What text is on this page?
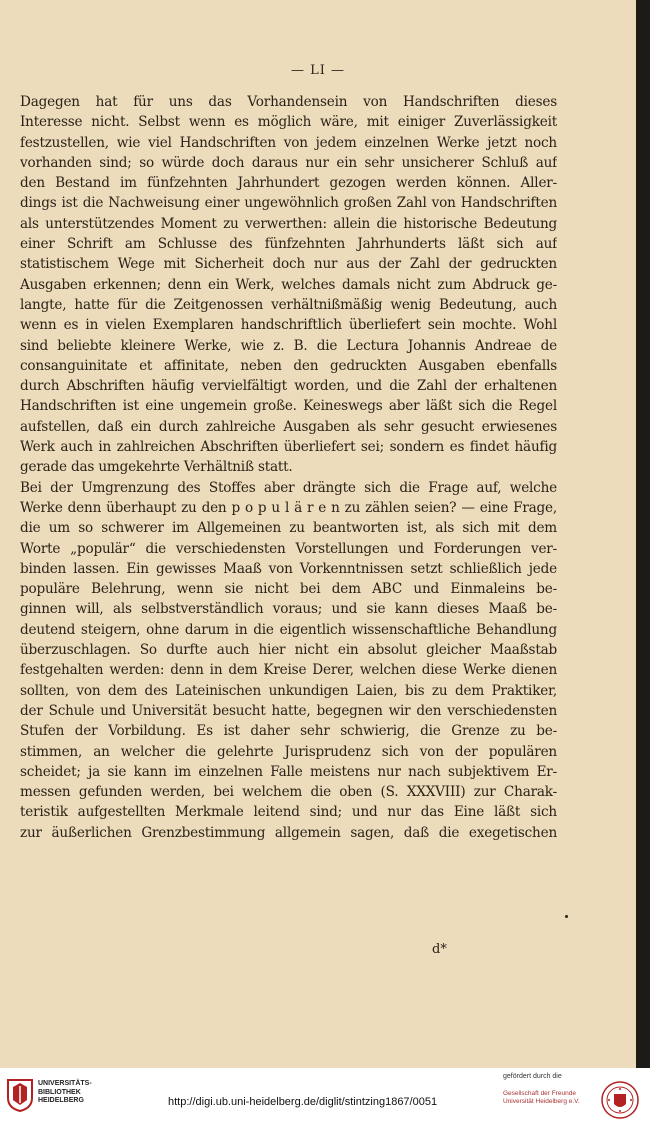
— LI —
Dagegen hat für uns das Vorhandensein von Handschriften dieses
Interesse nicht. Selbst wenn es möglich wäre, mit einiger Zuverlässigkeit
festzustellen, wie viel Handschriften von jedem einzelnen Werke jetzt noch
vorhanden sind; so würde doch daraus nur ein sehr unsicherer Schluß auf
den Bestand im fünfzehnten Jahrhundert gezogen werden können. Aller-
dings ist die Nachweisung einer ungewöhnlich großen Zahl von Handschriften
als unterstützendes Moment zu verwerthen: allein die historische Bedeutung
einer Schrift am Schlusse des fünfzehnten Jahrhunderts läßt sich auf
statistischem Wege mit Sicherheit doch nur aus der Zahl der gedruckten
Ausgaben erkennen; denn ein Werk, welches damals nicht zum Abdruck ge-
langte, hatte für die Zeitgenossen verhältnißmäßig wenig Bedeutung, auch
wenn es in vielen Exemplaren handschriftlich überliefert sein mochte. Wohl
sind beliebte kleinere Werke, wie z. B. die Lectura Johannis Andreae de
consanguinitate et affinitate, neben den gedruckten Ausgaben ebenfalls
durch Abschriften häufig vervielfältigt worden, und die Zahl der erhaltenen
Handschriften ist eine ungemein große. Keineswegs aber läßt sich die Regel
aufstellen, daß ein durch zahlreiche Ausgaben als sehr gesucht erwiesenes
Werk auch in zahlreichen Abschriften überliefert sei; sondern es findet häufig
gerade das umgekehrte Verhältniß statt.
Bei der Umgrenzung des Stoffes aber drängte sich die Frage auf, welche
Werke denn überhaupt zu den p o p u l ä r e n zu zählen seien? — eine Frage,
die um so schwerer im Allgemeinen zu beantworten ist, als sich mit dem
Worte „populär“ die verschiedensten Vorstellungen und Forderungen ver-
binden lassen. Ein gewisses Maaß von Vorkenntnissen setzt schließlich jede
populäre Belehrung, wenn sie nicht bei dem ABC und Einmaleins be-
ginnen will, als selbstverständlich voraus; und sie kann dieses Maaß be-
deutend steigern, ohne darum in die eigentlich wissenschaftliche Behandlung
überzuschlagen. So durfte auch hier nicht ein absolut gleicher Maaßstab
festgehalten werden: denn in dem Kreise Derer, welchen diese Werke dienen
sollten, von dem des Lateinischen unkundigen Laien, bis zu dem Praktiker,
der Schule und Universität besucht hatte, begegnen wir den verschiedensten
Stufen der Vorbildung. Es ist daher sehr schwierig, die Grenze zu be-
stimmen, an welcher die gelehrte Jurisprudenz sich von der populären
scheidet; ja sie kann im einzelnen Falle meistens nur nach subjektivem Er-
messen gefunden werden, bei welchem die oben (S. XXXVIII) zur Charak-
teristik aufgestellten Merkmale leitend sind; und nur das Eine läßt sich
zur äußerlichen Grenzbestimmung allgemein sagen, daß die exegetischen
d*
UNIVERSITÄTS-
BIBLIOTHEK
HEIDELBERG	http://digi.ub.uni-heidelberg.de/diglit/stintzing1867/0051
gefördert durch die
Gesellschaft der Freunde
Universität Heidelberg e.V.
